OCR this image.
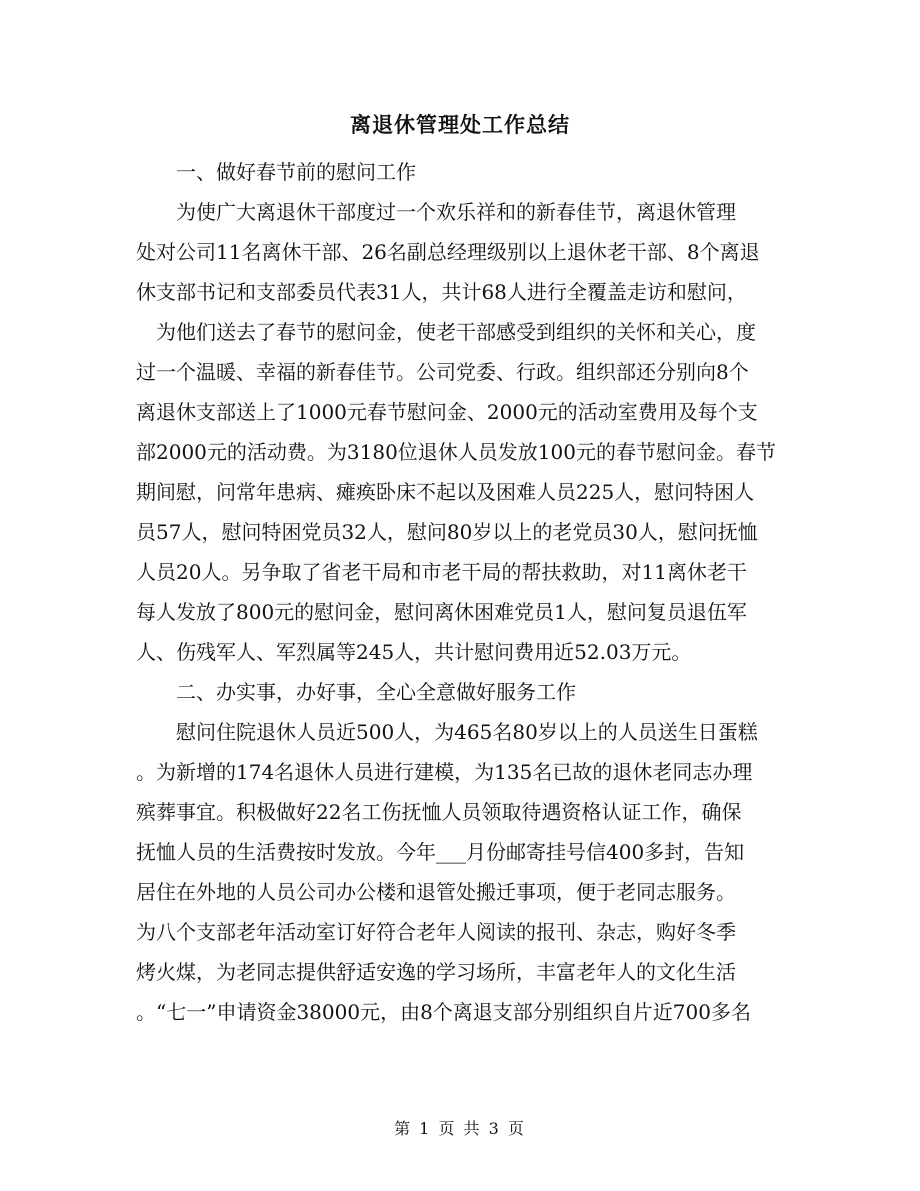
离退休管理处工作总结

一、做好春节前的慰问工作

为使广大离退休干部度过一个欢乐祥和的新春佳节，离退休管理

处对公司11名离休干部、26名副总经理级别以上退休老干部、8个离退

休支部书记和支部委员代表31人，共计68人进行全覆盖走访和慰问，

为他们送去了春节的慰问金，使老干部感受到组织的关怀和关心，度

过一个温暖、幸福的新春佳节。公司党委、行政。组织部还分别向8个

离退休支部送上了1000元春节慰问金、2000元的活动室费用及每个支

部2000元的活动费。为3180位退休人员发放100元的春节慰问金。春节

期间慰，问常年患病、瘫痪卧床不起以及困难人员225人，慰问特困人

员57人，慰问特困党员32人，慰问80岁以上的老党员30人，慰问抚恤

人员20人。另争取了省老干局和市老干局的帮扶救助，对11离休老干

每人发放了800元的慰问金，慰问离休困难党员1人，慰问复员退伍军

人、伤残军人、军烈属等245人，共计慰问费用近52.03万元。

二、办实事，办好事，全心全意做好服务工作

慰问住院退休人员近500人，为465名80岁以上的人员送生日蛋糕

。为新增的174名退休人员进行建模，为135名已故的退休老同志办理

殡葬事宜。积极做好22名工伤抚恤人员领取待遇资格认证工作，确保

抚恤人员的生活费按时发放。今年___月份邮寄挂号信400多封，告知

居住在外地的人员公司办公楼和退管处搬迁事项，便于老同志服务。

为八个支部老年活动室订好符合老年人阅读的报刊、杂志，购好冬季

烤火煤，为老同志提供舒适安逸的学习场所，丰富老年人的文化生活

。“七一”申请资金38000元，由8个离退支部分别组织自片近700多名

第 1 页 共 3 页
